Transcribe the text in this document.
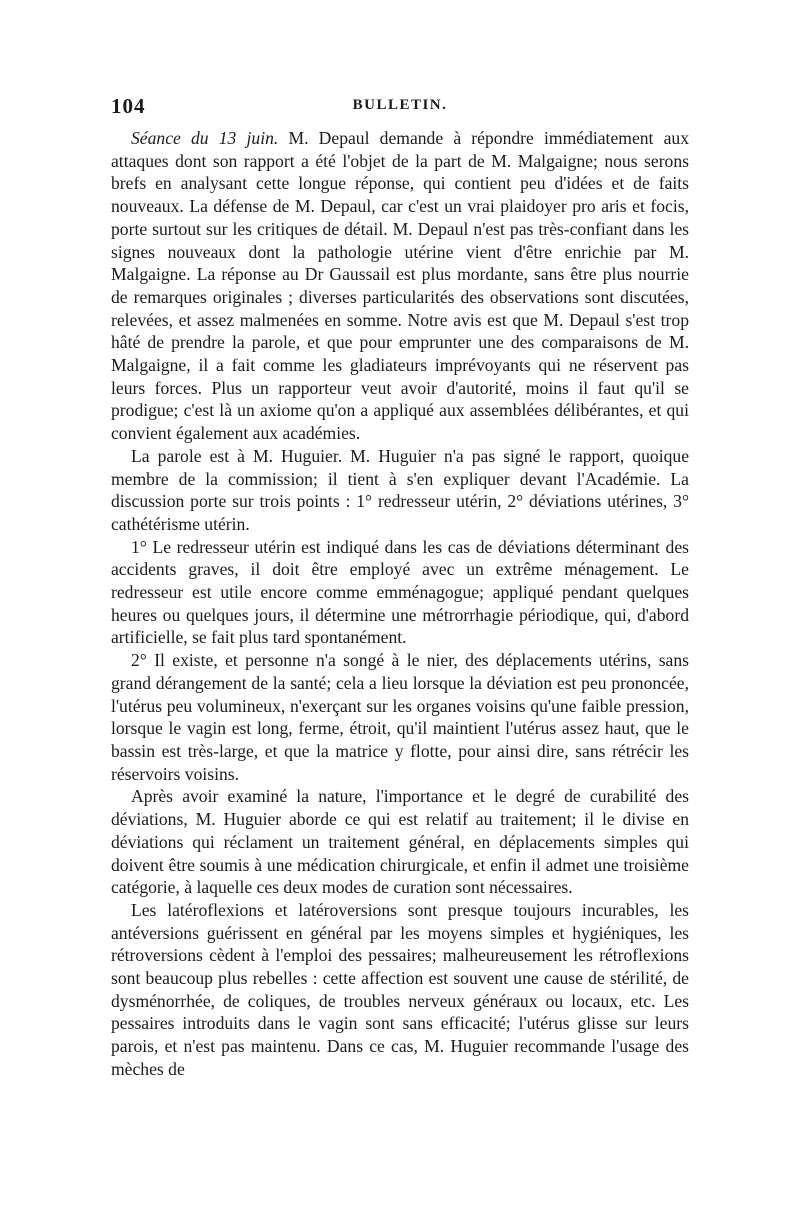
104	BULLETIN.

Séance du 13 juin. M. Depaul demande à répondre immédiatement aux attaques dont son rapport a été l'objet de la part de M. Malgaigne; nous serons brefs en analysant cette longue réponse, qui contient peu d'idées et de faits nouveaux. La défense de M. Depaul, car c'est un vrai plaidoyer pro aris et focis, porte surtout sur les critiques de détail. M. Depaul n'est pas très-confiant dans les signes nouveaux dont la pathologie utérine vient d'être enrichie par M. Malgaigne. La réponse au Dr Gaussail est plus mordante, sans être plus nourrie de remarques originales ; diverses particularités des observations sont discutées, relevées, et assez malmenées en somme. Notre avis est que M. Depaul s'est trop hâté de prendre la parole, et que pour emprunter une des comparaisons de M. Malgaigne, il a fait comme les gladiateurs imprévoyants qui ne réservent pas leurs forces. Plus un rapporteur veut avoir d'autorité, moins il faut qu'il se prodigue; c'est là un axiome qu'on a appliqué aux assemblées délibérantes, et qui convient également aux académies.

La parole est à M. Huguier. M. Huguier n'a pas signé le rapport, quoique membre de la commission; il tient à s'en expliquer devant l'Académie. La discussion porte sur trois points : 1° redresseur utérin, 2° déviations utérines, 3° cathétérisme utérin.

1° Le redresseur utérin est indiqué dans les cas de déviations déterminant des accidents graves, il doit être employé avec un extrême ménagement. Le redresseur est utile encore comme emménagogue; appliqué pendant quelques heures ou quelques jours, il détermine une métrorrhagie périodique, qui, d'abord artificielle, se fait plus tard spontanément.

2° Il existe, et personne n'a songé à le nier, des déplacements utérins, sans grand dérangement de la santé; cela a lieu lorsque la déviation est peu prononcée, l'utérus peu volumineux, n'exerçant sur les organes voisins qu'une faible pression, lorsque le vagin est long, ferme, étroit, qu'il maintient l'utérus assez haut, que le bassin est très-large, et que la matrice y flotte, pour ainsi dire, sans rétrécir les réservoirs voisins.

Après avoir examiné la nature, l'importance et le degré de curabilité des déviations, M. Huguier aborde ce qui est relatif au traitement; il le divise en déviations qui réclament un traitement général, en déplacements simples qui doivent être soumis à une médication chirurgicale, et enfin il admet une troisième catégorie, à laquelle ces deux modes de curation sont nécessaires.

Les latéroflexions et latéroversions sont presque toujours incurables, les antéversions guérissent en général par les moyens simples et hygiéniques, les rétroversions cèdent à l'emploi des pessaires; malheureusement les rétroflexions sont beaucoup plus rebelles : cette affection est souvent une cause de stérilité, de dysménorrhée, de coliques, de troubles nerveux généraux ou locaux, etc. Les pessaires introduits dans le vagin sont sans efficacité; l'utérus glisse sur leurs parois, et n'est pas maintenu. Dans ce cas, M. Huguier recommande l'usage des mèches de
